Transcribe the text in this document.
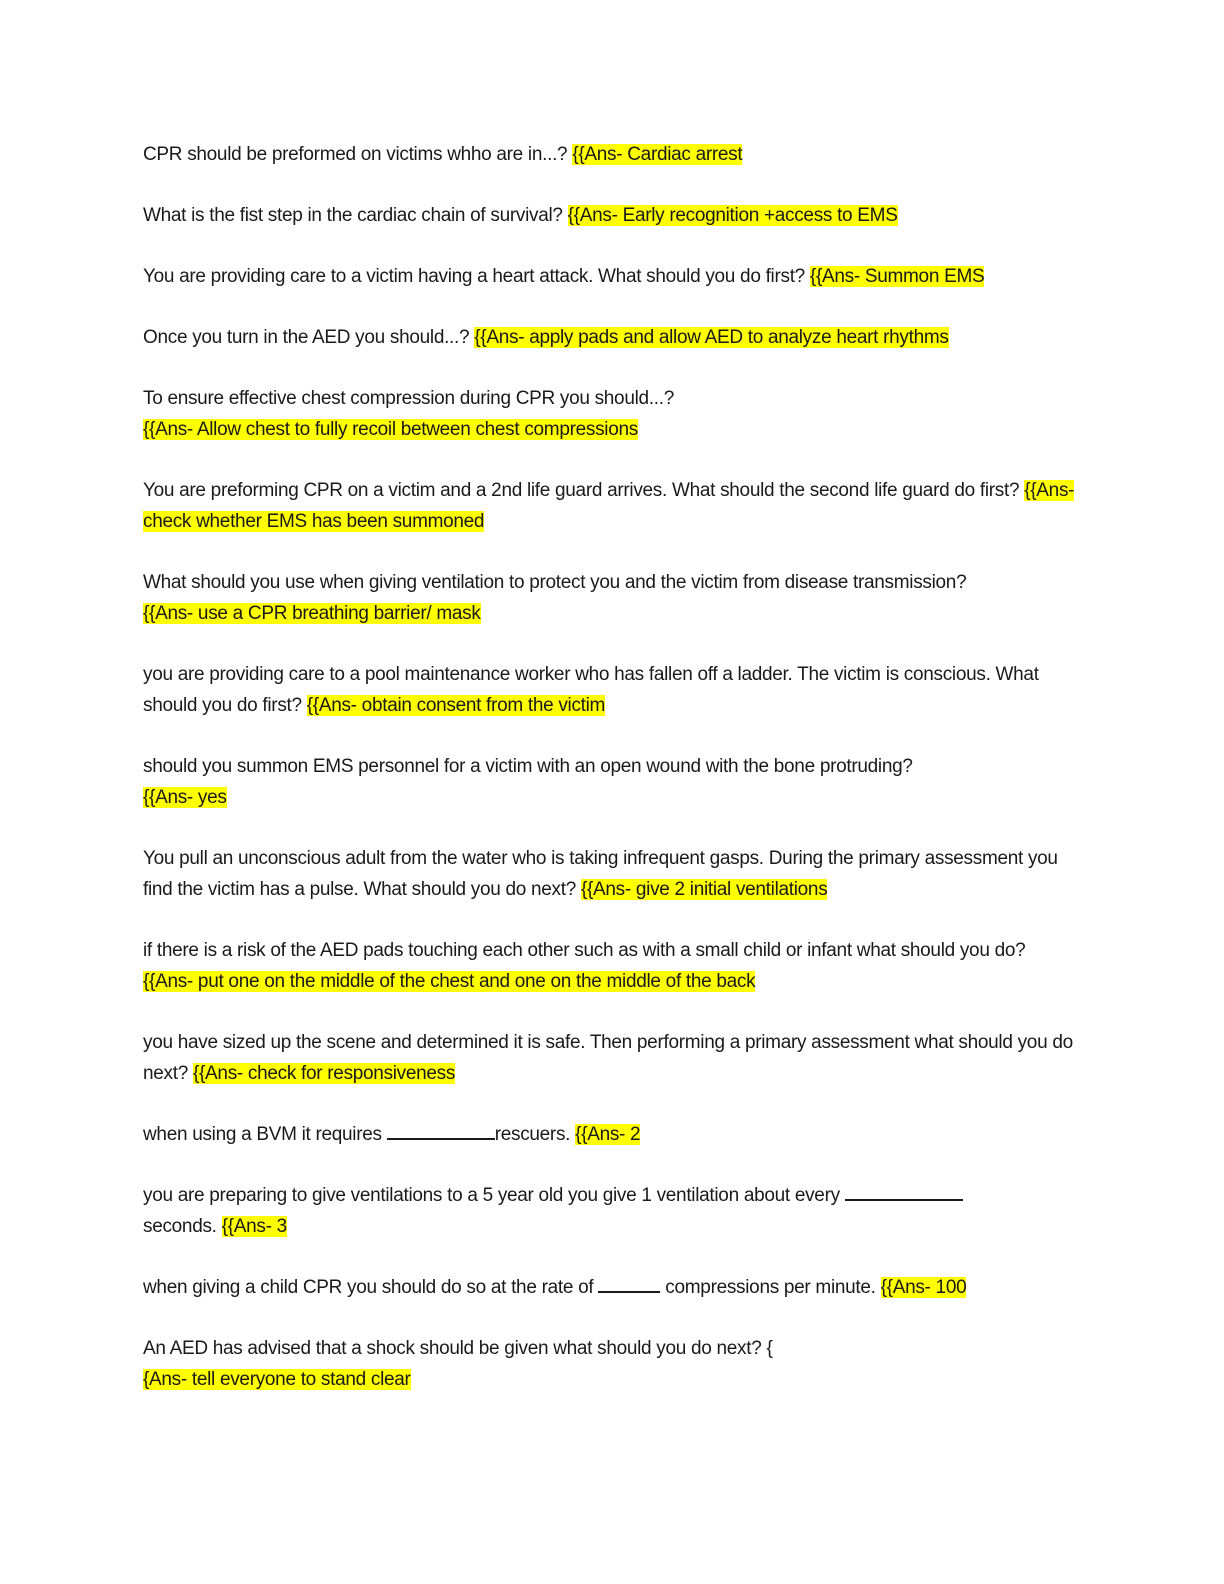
CPR should be preformed on victims whho are in...? {{Ans- Cardiac arrest

What is the fist step in the cardiac chain of survival? {{Ans- Early recognition +access to EMS

You are providing care to a victim having a heart attack. What should you do first? {{Ans- Summon EMS

Once you turn in the AED you should...? {{Ans- apply pads and allow AED to analyze heart rhythms

To ensure effective chest compression during CPR you should...?
{{Ans- Allow chest to fully recoil between chest compressions

You are preforming CPR on a victim and a 2nd life guard arrives. What should the second life guard do first? {{Ans- check whether EMS has been summoned

What should you use when giving ventilation to protect you and the victim from disease transmission?
{{Ans- use a CPR breathing barrier/ mask

you are providing care to a pool maintenance worker who has fallen off a ladder. The victim is conscious. What should you do first? {{Ans- obtain consent from the victim

should you summon EMS personnel for a victim with an open wound with the bone protruding?
{{Ans- yes

You pull an unconscious adult from the water who is taking infrequent gasps. During the primary assessment you find the victim has a pulse. What should you do next? {{Ans- give 2 initial ventilations

if there is a risk of the AED pads touching each other such as with a small child or infant what should you do? {{Ans- put one on the middle of the chest and one on the middle of the back

you have sized up the scene and determined it is safe. Then performing a primary assessment what should you do next? {{Ans- check for responsiveness

when using a BVM it requires	rescuers. {{Ans- 2

you are preparing to give ventilations to a 5 year old you give 1 ventilation about every
seconds. {{Ans- 3

when giving a child CPR you should do so at the rate of	compressions per minute. {{Ans- 100

An AED has advised that a shock should be given what should you do next? {
{Ans- tell everyone to stand clear
